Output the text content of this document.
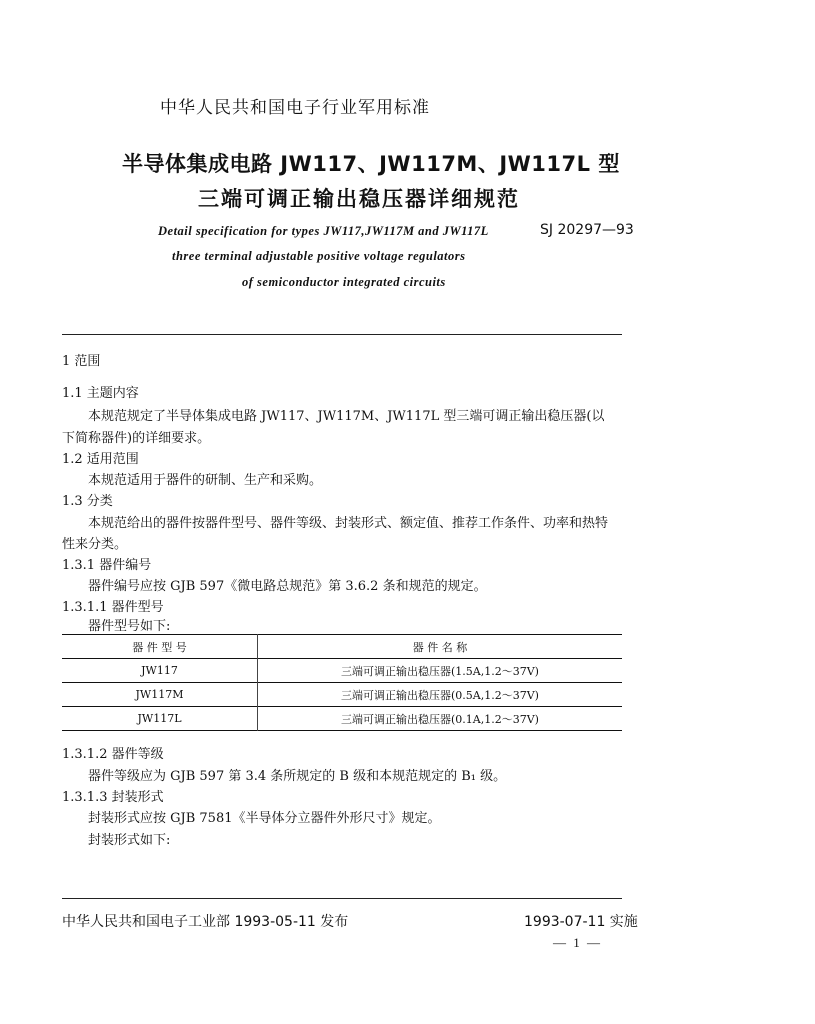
中华人民共和国电子行业军用标准
半导体集成电路 JW117、JW117M、JW117L 型
三端可调正输出稳压器详细规范
Detail specification for types JW117,JW117M and JW117L
three terminal adjustable positive voltage regulators
of semiconductor integrated circuits
SJ 20297—93
1 范围
1.1 主题内容
本规范规定了半导体集成电路 JW117、JW117M、JW117L 型三端可调正输出稳压器(以
下简称器件)的详细要求。
1.2 适用范围
本规范适用于器件的研制、生产和采购。
1.3 分类
本规范给出的器件按器件型号、器件等级、封装形式、额定值、推荐工作条件、功率和热特
性来分类。
1.3.1 器件编号
器件编号应按 GJB 597《微电路总规范》第 3.6.2 条和规范的规定。
1.3.1.1 器件型号
器件型号如下:
器 件 型 号	器 件 名 称
JW117	三端可调正输出稳压器(1.5A,1.2～37V)
JW117M	三端可调正输出稳压器(0.5A,1.2～37V)
JW117L	三端可调正输出稳压器(0.1A,1.2～37V)
1.3.1.2 器件等级
器件等级应为 GJB 597 第 3.4 条所规定的 B 级和本规范规定的 B₁ 级。
1.3.1.3 封装形式
封装形式应按 GJB 7581《半导体分立器件外形尺寸》规定。
封装形式如下:
中华人民共和国电子工业部 1993-05-11 发布	1993-07-11 实施
— 1 —
